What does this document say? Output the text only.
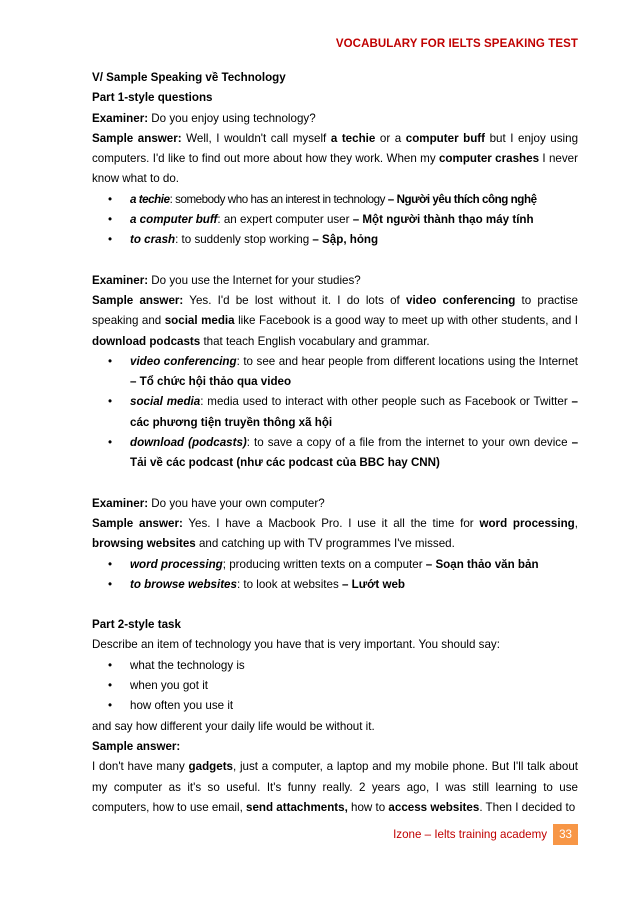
VOCABULARY FOR IELTS SPEAKING TEST

V/ Sample Speaking về Technology

Part 1-style questions

Examiner: Do you enjoy using technology?

Sample answer: Well, I wouldn't call myself a techie or a computer buff but I enjoy using computers. I'd like to find out more about how they work. When my computer crashes I never know what to do.

• a techie: somebody who has an interest in technology – Người yêu thích công nghệ
• a computer buff: an expert computer user – Một người thành thạo máy tính
• to crash: to suddenly stop working – Sập, hỏng

Examiner: Do you use the Internet for your studies?

Sample answer: Yes. I'd be lost without it. I do lots of video conferencing to practise speaking and social media like Facebook is a good way to meet up with other students, and I download podcasts that teach English vocabulary and grammar.

• video conferencing: to see and hear people from different locations using the Internet – Tổ chức hội thảo qua video
• social media: media used to interact with other people such as Facebook or Twitter – các phương tiện truyền thông xã hội
• download (podcasts): to save a copy of a file from the internet to your own device – Tải về các podcast (như các podcast của BBC hay CNN)

Examiner: Do you have your own computer?

Sample answer: Yes. I have a Macbook Pro. I use it all the time for word processing, browsing websites and catching up with TV programmes I've missed.

• word processing; producing written texts on a computer – Soạn thảo văn bản
• to browse websites: to look at websites – Lướt web

Part 2-style task

Describe an item of technology you have that is very important. You should say:

• what the technology is
• when you got it
• how often you use it

and say how different your daily life would be without it.

Sample answer:

I don't have many gadgets, just a computer, a laptop and my mobile phone. But I'll talk about my computer as it's so useful. It's funny really. 2 years ago, I was still learning to use computers, how to use email, send attachments, how to access websites. Then I decided to

Izone – Ielts training academy	33
